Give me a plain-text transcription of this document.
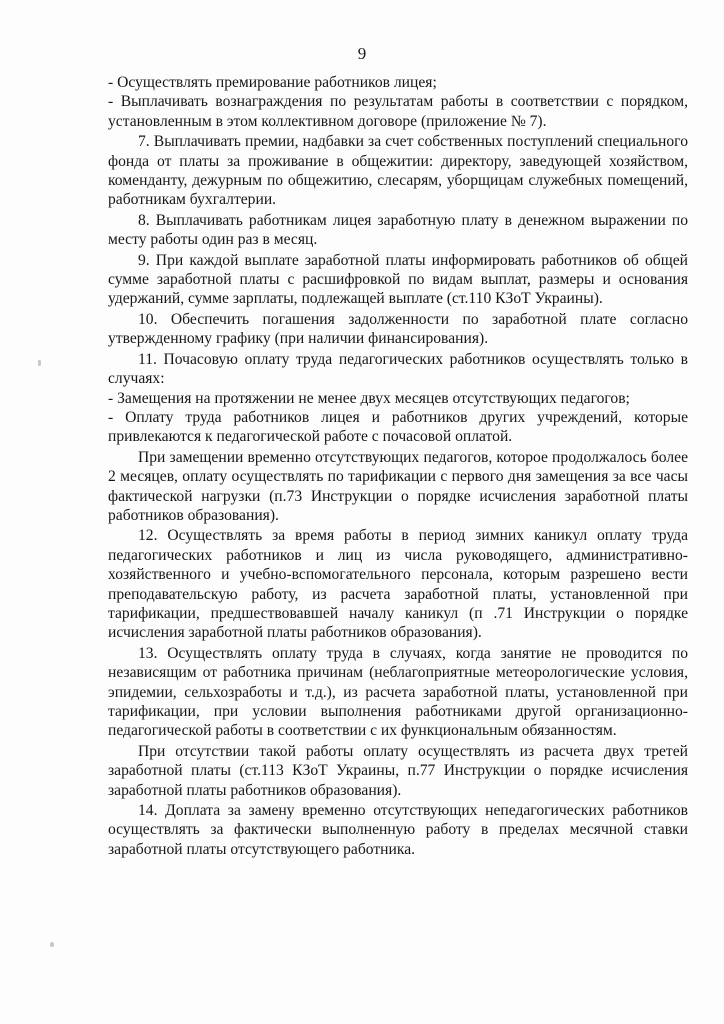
9

- Осуществлять премирование работников лицея;

- Выплачивать вознаграждения по результатам работы в соответствии с порядком, установленным в этом коллективном договоре (приложение № 7).

7. Выплачивать премии, надбавки за счет собственных поступлений специального фонда от платы за проживание в общежитии: директору, заведующей хозяйством, коменданту, дежурным по общежитию, слесарям, уборщицам служебных помещений, работникам бухгалтерии.

8. Выплачивать работникам лицея заработную плату в денежном выражении по месту работы один раз в месяц.

9. При каждой выплате заработной платы информировать работников об общей сумме заработной платы с расшифровкой по видам выплат, размеры и основания удержаний, сумме зарплаты, подлежащей выплате (ст.110 КЗоТ Украины).

10. Обеспечить погашения задолженности по заработной плате согласно утвержденному графику (при наличии финансирования).

11. Почасовую оплату труда педагогических работников осуществлять только в случаях:

- Замещения на протяжении не менее двух месяцев отсутствующих педагогов;

- Оплату труда работников лицея и работников других учреждений, которые привлекаются к педагогической работе с почасовой оплатой.

При замещении временно отсутствующих педагогов, которое продолжалось более 2 месяцев, оплату осуществлять по тарификации с первого дня замещения за все часы фактической нагрузки (п.73 Инструкции о порядке исчисления заработной платы работников образования).

12. Осуществлять за время работы в период зимних каникул оплату труда педагогических работников и лиц из числа руководящего, административно-хозяйственного и учебно-вспомогательного персонала, которым разрешено вести преподавательскую работу, из расчета заработной платы, установленной при тарификации, предшествовавшей началу каникул (п .71 Инструкции о порядке исчисления заработной платы работников образования).

13. Осуществлять оплату труда в случаях, когда занятие не проводится по независящим от работника причинам (неблагоприятные метеорологические условия, эпидемии, сельхозработы и т.д.), из расчета заработной платы, установленной при тарификации, при условии выполнения работниками другой организационно-педагогической работы в соответствии с их функциональным обязанностям.

При отсутствии такой работы оплату осуществлять из расчета двух третей заработной платы (ст.113 КЗоТ Украины, п.77 Инструкции о порядке исчисления заработной платы работников образования).

14. Доплата за замену временно отсутствующих непедагогических работников осуществлять за фактически выполненную работу в пределах месячной ставки заработной платы отсутствующего работника.
